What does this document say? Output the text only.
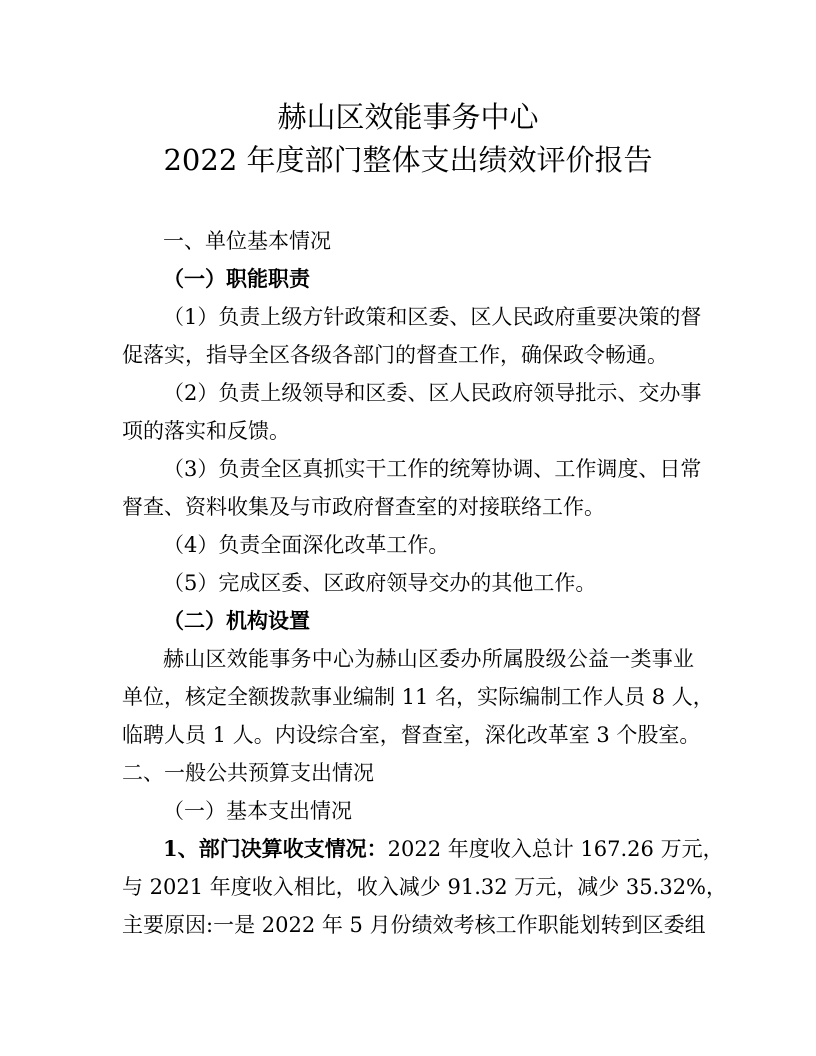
赫山区效能事务中心
2022 年度部门整体支出绩效评价报告
一、单位基本情况
（一）职能职责
（1）负责上级方针政策和区委、区人民政府重要决策的督
促落实，指导全区各级各部门的督查工作，确保政令畅通。
（2）负责上级领导和区委、区人民政府领导批示、交办事
项的落实和反馈。
（3）负责全区真抓实干工作的统筹协调、工作调度、日常
督查、资料收集及与市政府督查室的对接联络工作。
（4）负责全面深化改革工作。
（5）完成区委、区政府领导交办的其他工作。
（二）机构设置
赫山区效能事务中心为赫山区委办所属股级公益一类事业
单位，核定全额拨款事业编制 11 名，实际编制工作人员 8 人，
临聘人员 1 人。内设综合室，督查室，深化改革室 3 个股室。
二、一般公共预算支出情况
（一）基本支出情况
1、部门决算收支情况： 2022 年度收入总计 167.26 万元，
与 2021 年度收入相比，收入减少 91.32 万元，减少 35.32%，
主要原因:一是 2022 年 5 月份绩效考核工作职能划转到区委组
